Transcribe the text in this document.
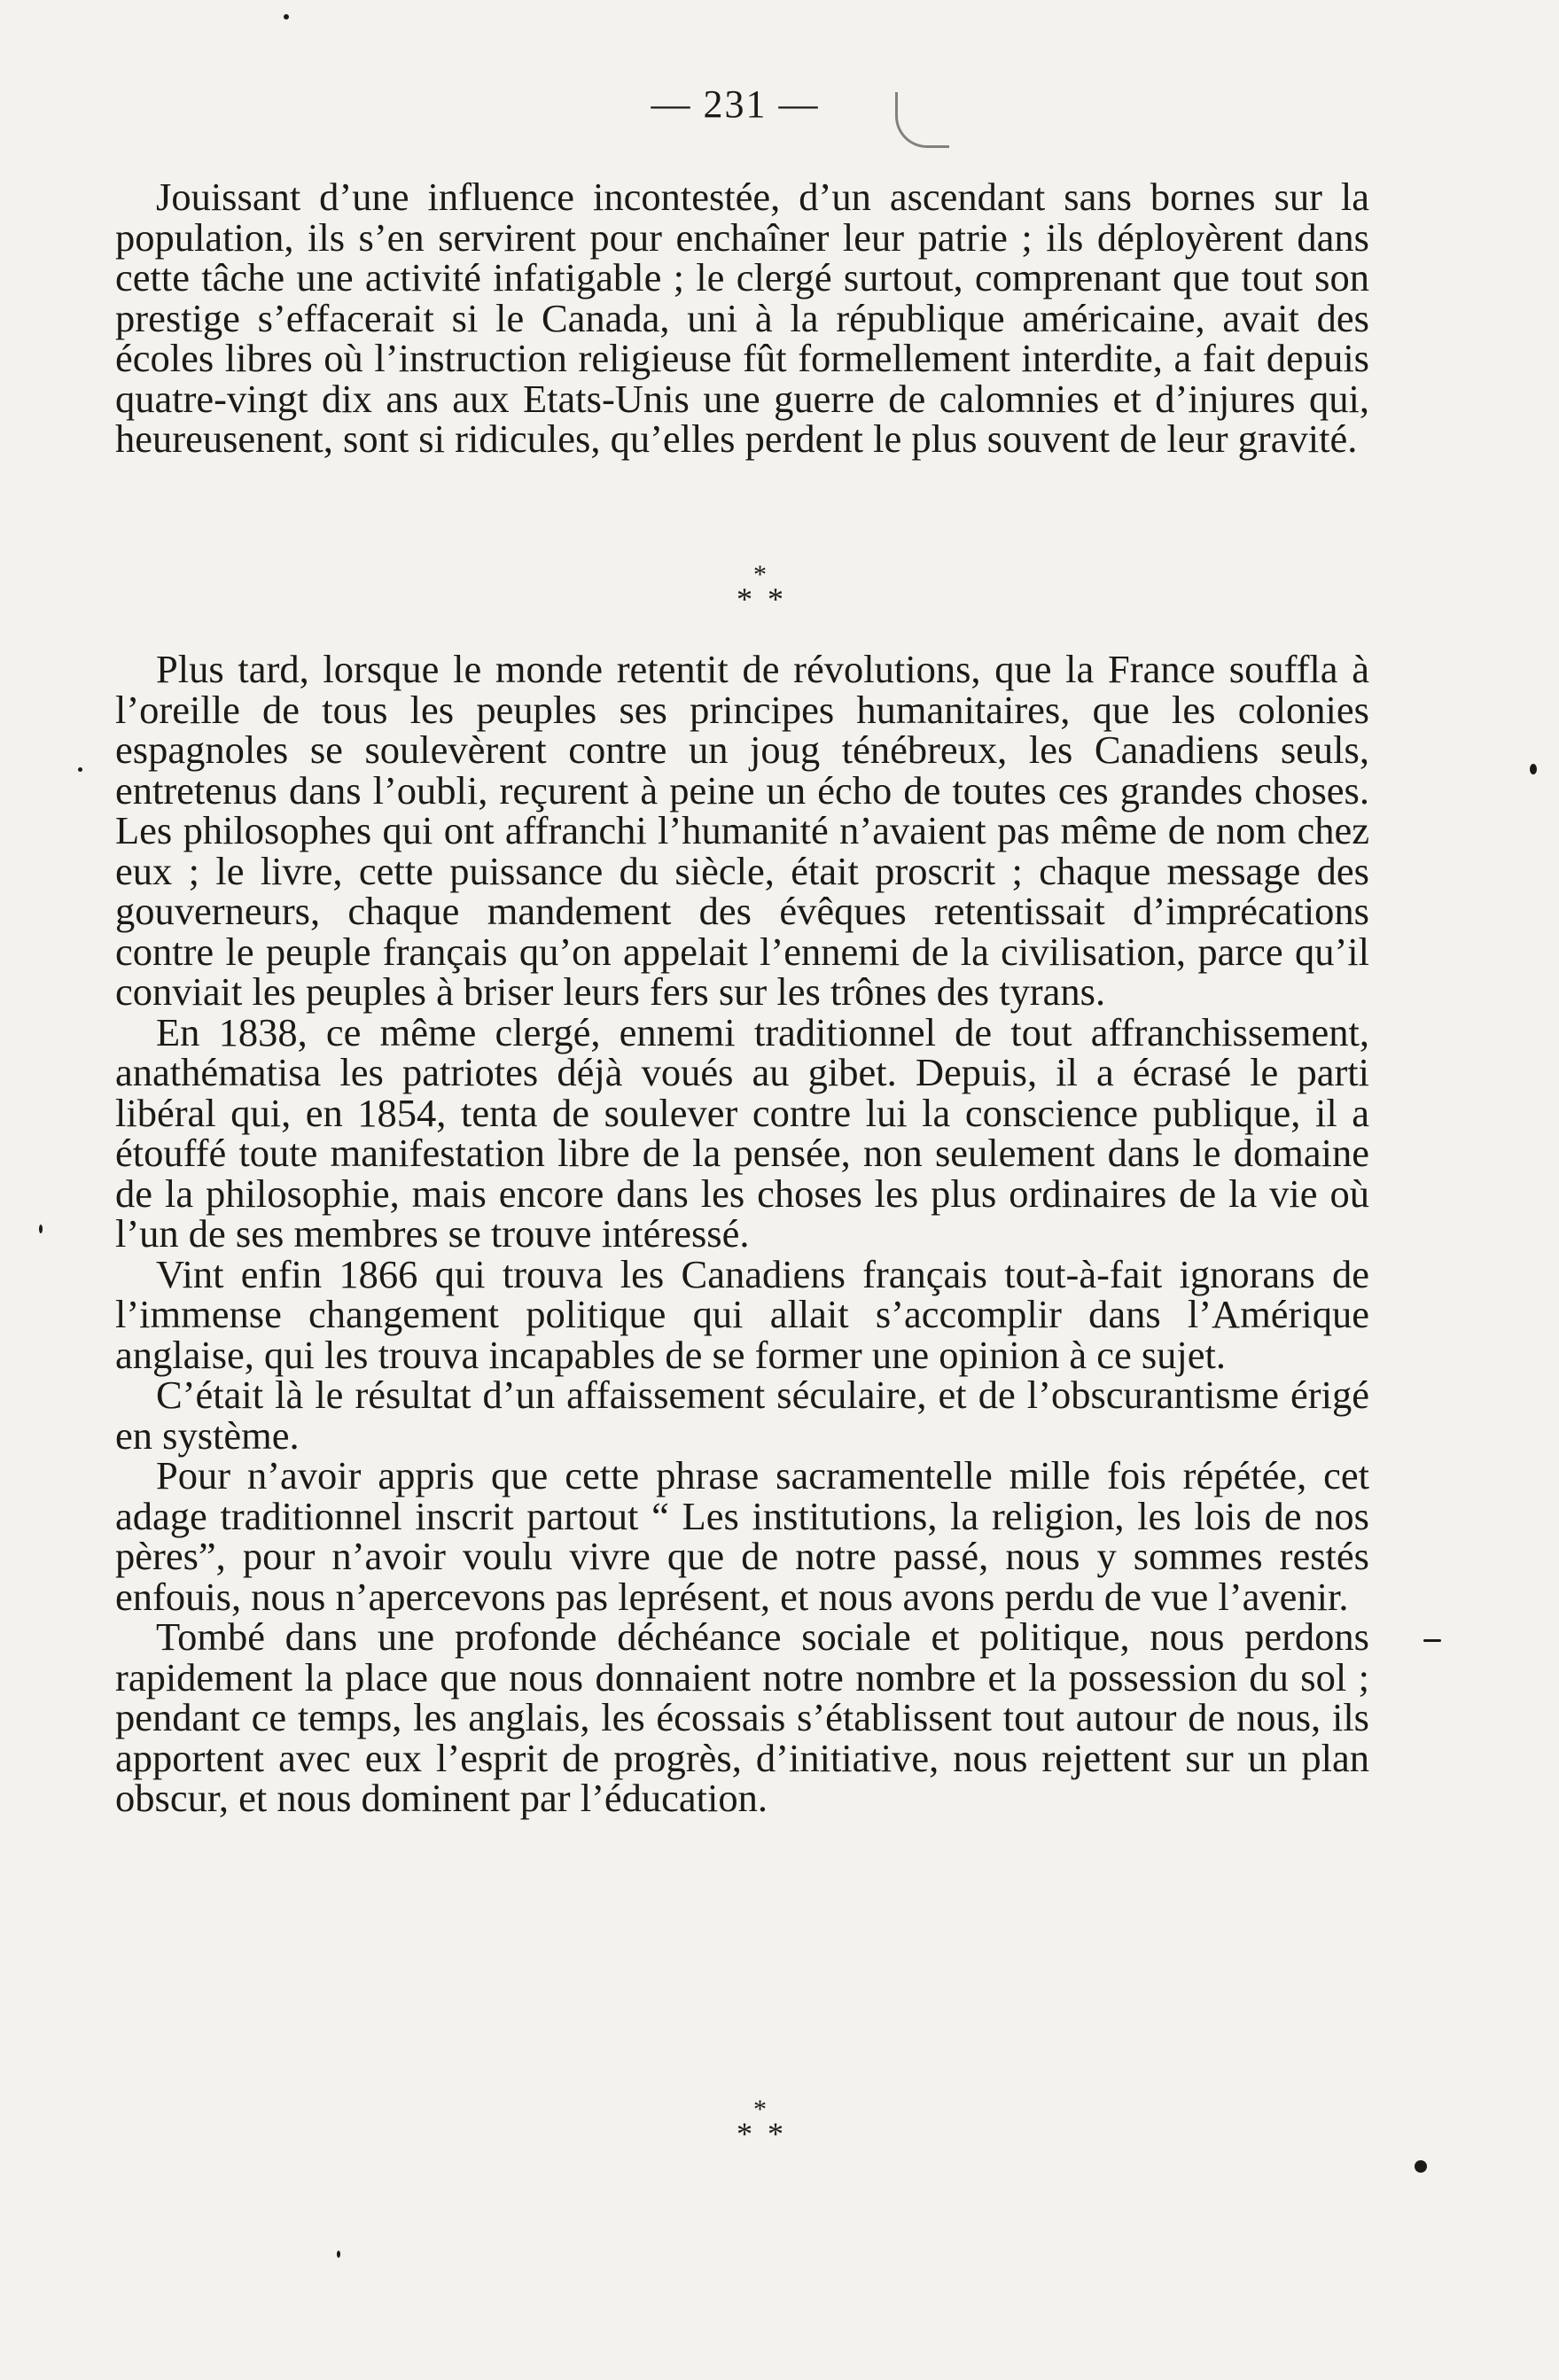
— 231 —

Jouissant d’une influence incontestée, d’un ascendant sans bornes sur la population, ils s’en servirent pour enchaîner leur patrie ; ils déployèrent dans cette tâche une activité infatigable ; le clergé surtout, comprenant que tout son prestige s’effacerait si le Canada, uni à la république américaine, avait des écoles libres où l’instruction religieuse fût formellement interdite, a fait depuis quatre-vingt dix ans aux Etats-Unis une guerre de calomnies et d’injures qui, heureusenent, sont si ridicules, qu’elles perdent le plus souvent de leur gravité.

*
* *

Plus tard, lorsque le monde retentit de révolutions, que la France souffla à l’oreille de tous les peuples ses principes humanitaires, que les colonies espagnoles se soulevèrent contre un joug ténébreux, les Canadiens seuls, entretenus dans l’oubli, reçurent à peine un écho de toutes ces grandes choses. Les philosophes qui ont affranchi l’humanité n’avaient pas même de nom chez eux ; le livre, cette puissance du siècle, était proscrit ; chaque message des gouverneurs, chaque mandement des évêques retentissait d’imprécations contre le peuple français qu’on appelait l’ennemi de la civilisation, parce qu’il conviait les peuples à briser leurs fers sur les trônes des tyrans.

En 1838, ce même clergé, ennemi traditionnel de tout affranchissement, anathématisa les patriotes déjà voués au gibet. Depuis, il a écrasé le parti libéral qui, en 1854, tenta de soulever contre lui la conscience publique, il a étouffé toute manifestation libre de la pensée, non seulement dans le domaine de la philosophie, mais encore dans les choses les plus ordinaires de la vie où l’un de ses membres se trouve intéressé.

Vint enfin 1866 qui trouva les Canadiens français tout-à-fait ignorans de l’immense changement politique qui allait s’accomplir dans l’Amérique anglaise, qui les trouva incapables de se former une opinion à ce sujet.

C’était là le résultat d’un affaissement séculaire, et de l’obscurantisme érigé en système.

Pour n’avoir appris que cette phrase sacramentelle mille fois répétée, cet adage traditionnel inscrit partout “ Les institutions, la religion, les lois de nos pères”, pour n’avoir voulu vivre que de notre passé, nous y sommes restés enfouis, nous n’apercevons pas leprésent, et nous avons perdu de vue l’avenir.

Tombé dans une profonde déchéance sociale et politique, nous perdons rapidement la place que nous donnaient notre nombre et la possession du sol ; pendant ce temps, les anglais, les écossais s’établissent tout autour de nous, ils apportent avec eux l’esprit de progrès, d’initiative, nous rejettent sur un plan obscur, et nous dominent par l’éducation.

*
* *
